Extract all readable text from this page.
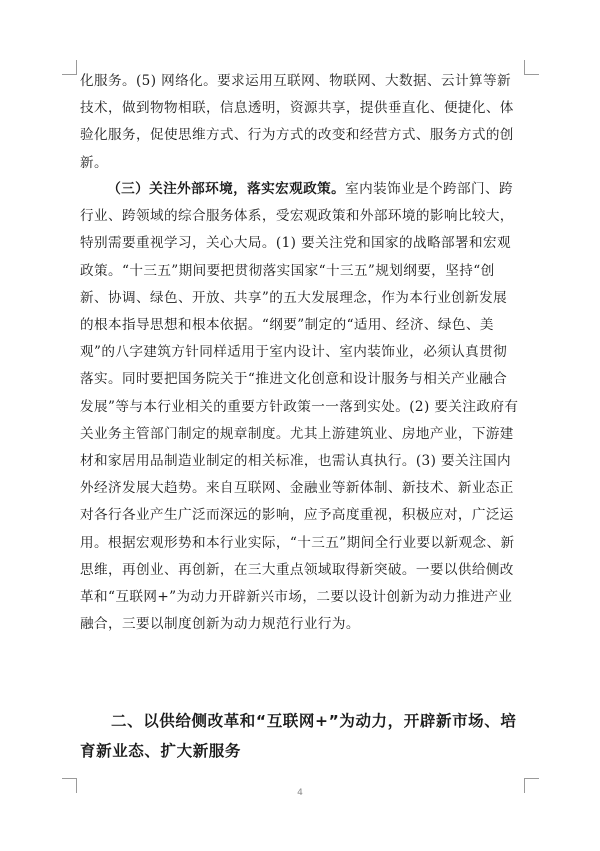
化服务。(5) 网络化。要求运用互联网、物联网、大数据、云计算等新技术，做到物物相联，信息透明，资源共享，提供垂直化、便捷化、体验化服务，促使思维方式、行为方式的改变和经营方式、服务方式的创新。

（三）关注外部环境，落实宏观政策。室内装饰业是个跨部门、跨行业、跨领域的综合服务体系，受宏观政策和外部环境的影响比较大，特别需要重视学习，关心大局。(1) 要关注党和国家的战略部署和宏观政策。“十三五”期间要把贯彻落实国家“十三五”规划纲要，坚持“创新、协调、绿色、开放、共享”的五大发展理念，作为本行业创新发展的根本指导思想和根本依据。“纲要”制定的“适用、经济、绿色、美观”的八字建筑方针同样适用于室内设计、室内装饰业，必须认真贯彻落实。同时要把国务院关于“推进文化创意和设计服务与相关产业融合发展”等与本行业相关的重要方针政策一一落到实处。(2) 要关注政府有关业务主管部门制定的规章制度。尤其上游建筑业、房地产业，下游建材和家居用品制造业制定的相关标准，也需认真执行。(3) 要关注国内外经济发展大趋势。来自互联网、金融业等新体制、新技术、新业态正对各行各业产生广泛而深远的影响，应予高度重视，积极应对，广泛运用。根据宏观形势和本行业实际，“十三五”期间全行业要以新观念、新思维，再创业、再创新，在三大重点领域取得新突破。一要以供给侧改革和“互联网+”为动力开辟新兴市场，二要以设计创新为动力推进产业融合，三要以制度创新为动力规范行业行为。

二、以供给侧改革和“互联网+”为动力，开辟新市场、培育新业态、扩大新服务

4
